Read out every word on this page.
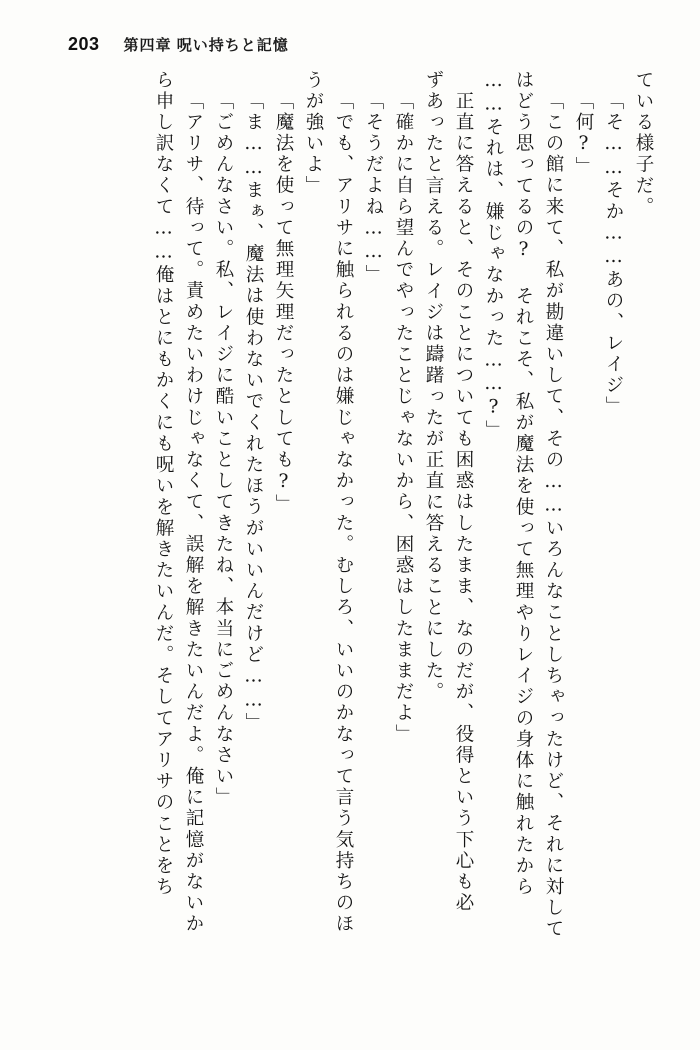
203 第四章 呪い持ちと記憶
ている様子だ。
「そ……そか……あの、レイジ」
「何?」
「この館に来て、私が勘違いして、その……いろんなことしちゃったけど、それに対して
はどう思ってるの? それこそ、私が魔法を使って無理やりレイジの身体に触れたから
……それは、嫌じゃなかった……?」
正直に答えると、そのことについても困惑はしたまま、なのだが、役得という下心も必
ずあったと言える。レイジは躊躇ったが正直に答えることにした。
「確かに自ら望んでやったことじゃないから、困惑はしたままだよ」
「そうだよね……」
「でも、アリサに触られるのは嫌じゃなかった。むしろ、いいのかなって言う気持ちのほ
うが強いよ」
「魔法を使って無理矢理だったとしても?」
「ま……まぁ、魔法は使わないでくれたほうがいいんだけど……」
「ごめんなさい。私、レイジに酷いことしてきたね、本当にごめんなさい」
「アリサ、待って。責めたいわけじゃなくて、誤解を解きたいんだよ。俺に記憶がないか
ら申し訳なくて……俺はとにもかくにも呪いを解きたいんだ。そしてアリサのことをち
